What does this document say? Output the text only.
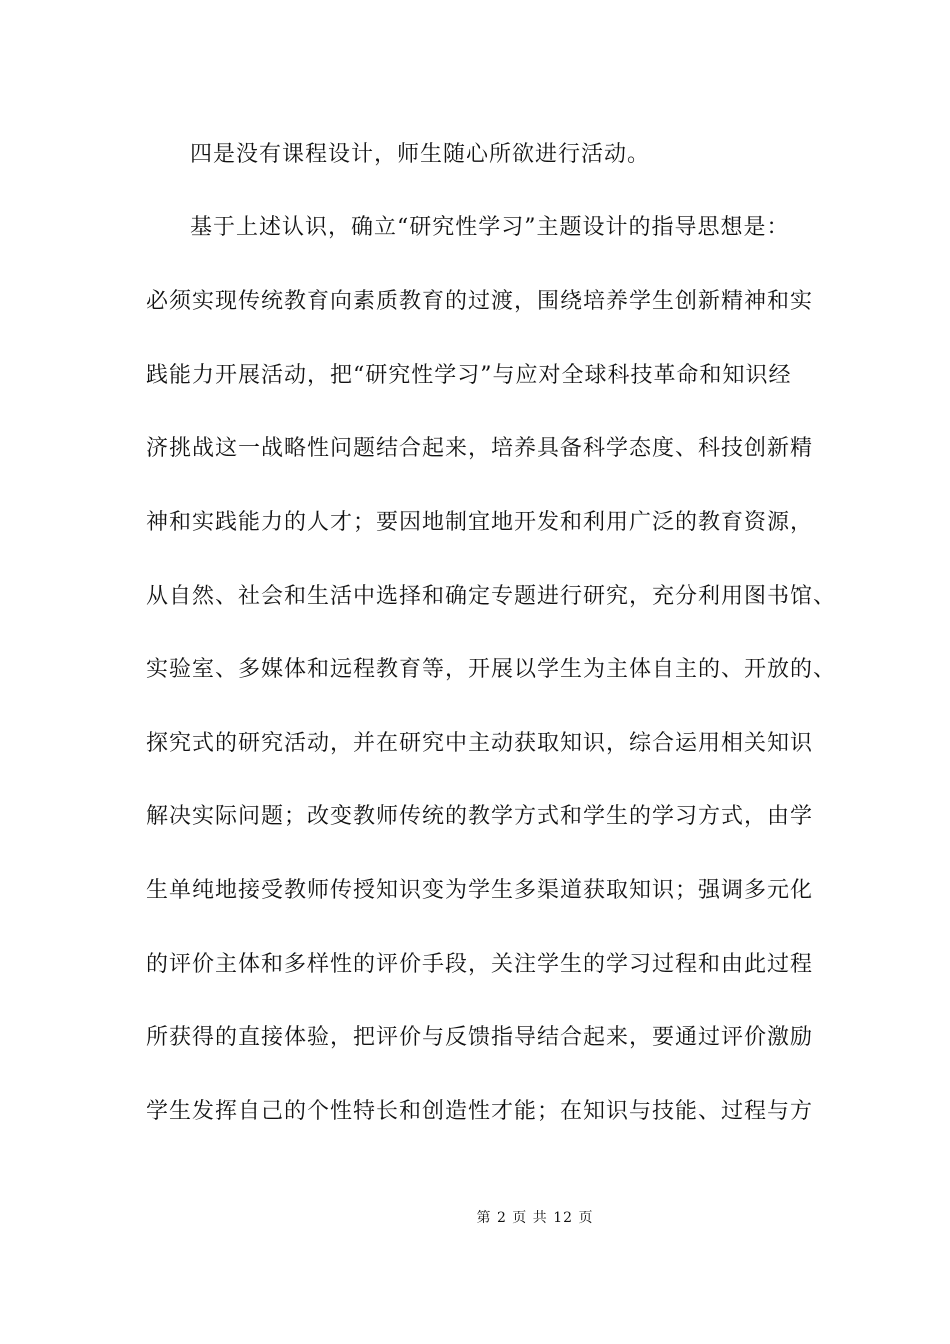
四是没有课程设计，师生随心所欲进行活动。
基于上述认识，确立“研究性学习”主题设计的指导思想是：
必须实现传统教育向素质教育的过渡，围绕培养学生创新精神和实
践能力开展活动，把“研究性学习”与应对全球科技革命和知识经
济挑战这一战略性问题结合起来，培养具备科学态度、科技创新精
神和实践能力的人才；要因地制宜地开发和利用广泛的教育资源，
从自然、社会和生活中选择和确定专题进行研究，充分利用图书馆、
实验室、多媒体和远程教育等，开展以学生为主体自主的、开放的、
探究式的研究活动，并在研究中主动获取知识，综合运用相关知识
解决实际问题；改变教师传统的教学方式和学生的学习方式，由学
生单纯地接受教师传授知识变为学生多渠道获取知识；强调多元化
的评价主体和多样性的评价手段，关注学生的学习过程和由此过程
所获得的直接体验，把评价与反馈指导结合起来，要通过评价激励
学生发挥自己的个性特长和创造性才能；在知识与技能、过程与方
第 2 页 共 12 页
